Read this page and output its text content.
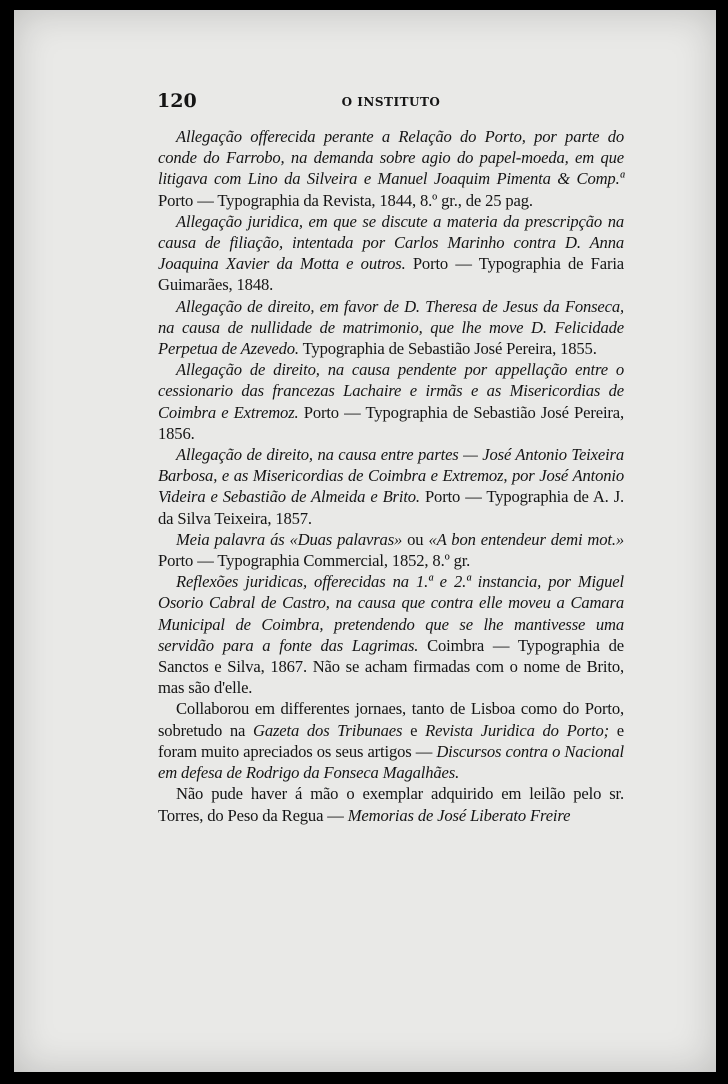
120	O INSTITUTO

Allegação offerecida perante a Relação do Porto, por parte do conde do Farrobo, na demanda sobre agio do papel-moeda, em que litigava com Lino da Silveira e Manuel Joaquim Pimenta & Comp.ª Porto — Typographia da Revista, 1844, 8.º gr., de 25 pag.

Allegação juridica, em que se discute a materia da prescripção na causa de filiação, intentada por Carlos Marinho contra D. Anna Joaquina Xavier da Motta e outros. Porto — Typographia de Faria Guimarães, 1848.

Allegação de direito, em favor de D. Theresa de Jesus da Fonseca, na causa de nullidade de matrimonio, que lhe move D. Felicidade Perpetua de Azevedo. Typographia de Sebastião José Pereira, 1855.

Allegação de direito, na causa pendente por appellação entre o cessionario das francezas Lachaire e irmãs e as Misericordias de Coimbra e Extremoz. Porto — Typographia de Sebastião José Pereira, 1856.

Allegação de direito, na causa entre partes — José Antonio Teixeira Barbosa, e as Misericordias de Coimbra e Extremoz, por José Antonio Videira e Sebastião de Almeida e Brito. Porto — Typographia de A. J. da Silva Teixeira, 1857.

Meia palavra ás «Duas palavras» ou «A bon entendeur demi mot.» Porto — Typographia Commercial, 1852, 8.º gr.

Reflexões juridicas, offerecidas na 1.ª e 2.ª instancia, por Miguel Osorio Cabral de Castro, na causa que contra elle moveu a Camara Municipal de Coimbra, pretendendo que se lhe mantivesse uma servidão para a fonte das Lagrimas. Coimbra — Typographia de Sanctos e Silva, 1867. Não se acham firmadas com o nome de Brito, mas são d'elle.

Collaborou em differentes jornaes, tanto de Lisboa como do Porto, sobretudo na Gazeta dos Tribunaes e Revista Juridica do Porto; e foram muito apreciados os seus artigos — Discursos contra o Nacional em defesa de Rodrigo da Fonseca Magalhães.

Não pude haver á mão o exemplar adquirido em leilão pelo sr. Torres, do Peso da Regua — Memorias de José Liberato Freire
